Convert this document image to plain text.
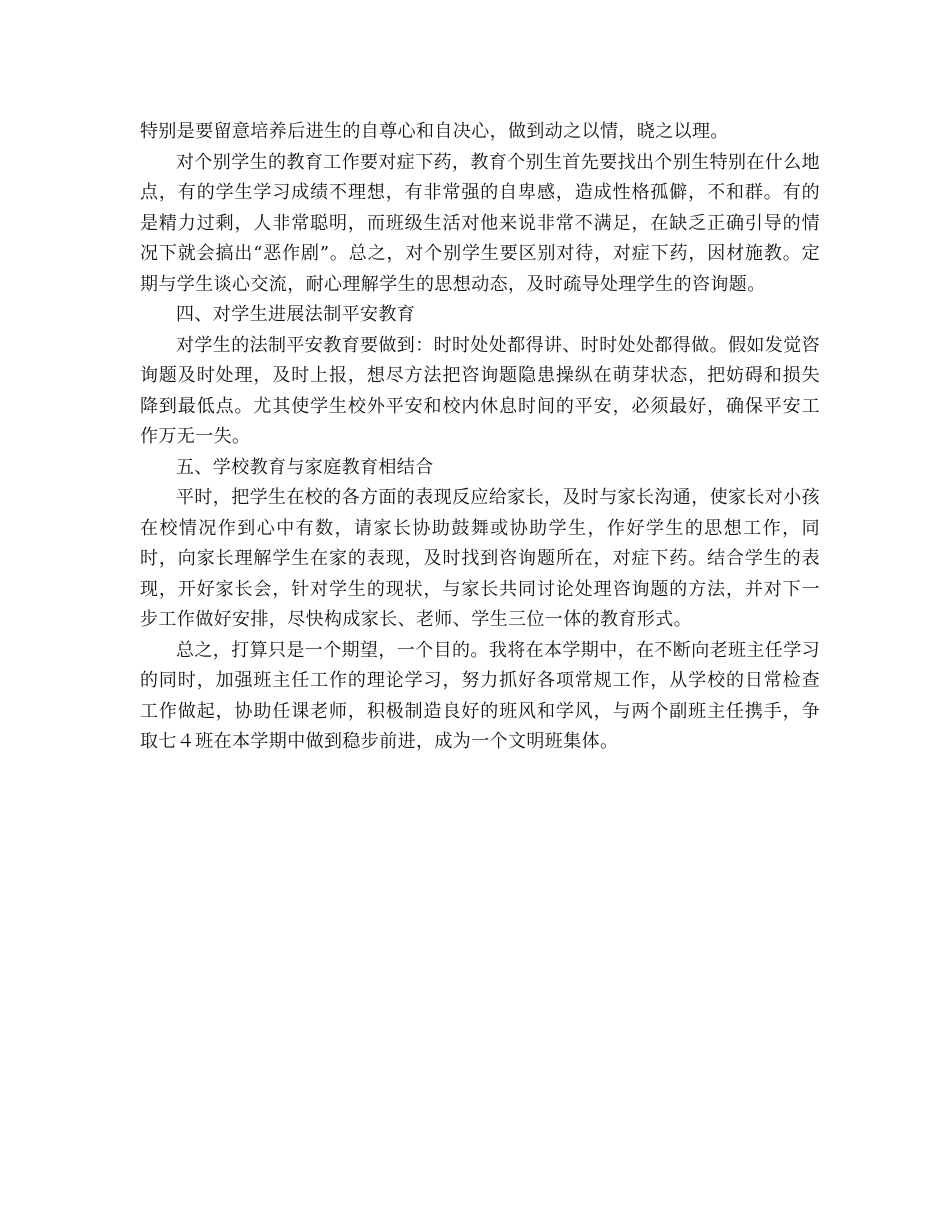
特别是要留意培养后进生的自尊心和自决心，做到动之以情，晓之以理。

对个别学生的教育工作要对症下药，教育个别生首先要找出个别生特别在什么地点，有的学生学习成绩不理想，有非常强的自卑感，造成性格孤僻，不和群。有的是精力过剩，人非常聪明，而班级生活对他来说非常不满足，在缺乏正确引导的情况下就会搞出“恶作剧”。总之，对个别学生要区别对待，对症下药，因材施教。定期与学生谈心交流，耐心理解学生的思想动态，及时疏导处理学生的咨询题。

四、对学生进展法制平安教育

对学生的法制平安教育要做到：时时处处都得讲、时时处处都得做。假如发觉咨询题及时处理，及时上报，想尽方法把咨询题隐患操纵在萌芽状态，把妨碍和损失降到最低点。尤其使学生校外平安和校内休息时间的平安，必须最好，确保平安工作万无一失。

五、学校教育与家庭教育相结合

平时，把学生在校的各方面的表现反应给家长，及时与家长沟通，使家长对小孩在校情况作到心中有数，请家长协助鼓舞或协助学生，作好学生的思想工作，同时，向家长理解学生在家的表现，及时找到咨询题所在，对症下药。结合学生的表现，开好家长会，针对学生的现状，与家长共同讨论处理咨询题的方法，并对下一步工作做好安排，尽快构成家长、老师、学生三位一体的教育形式。

总之，打算只是一个期望，一个目的。我将在本学期中，在不断向老班主任学习的同时，加强班主任工作的理论学习，努力抓好各项常规工作，从学校的日常检查工作做起，协助任课老师，积极制造良好的班风和学风，与两个副班主任携手，争取七４班在本学期中做到稳步前进，成为一个文明班集体。
